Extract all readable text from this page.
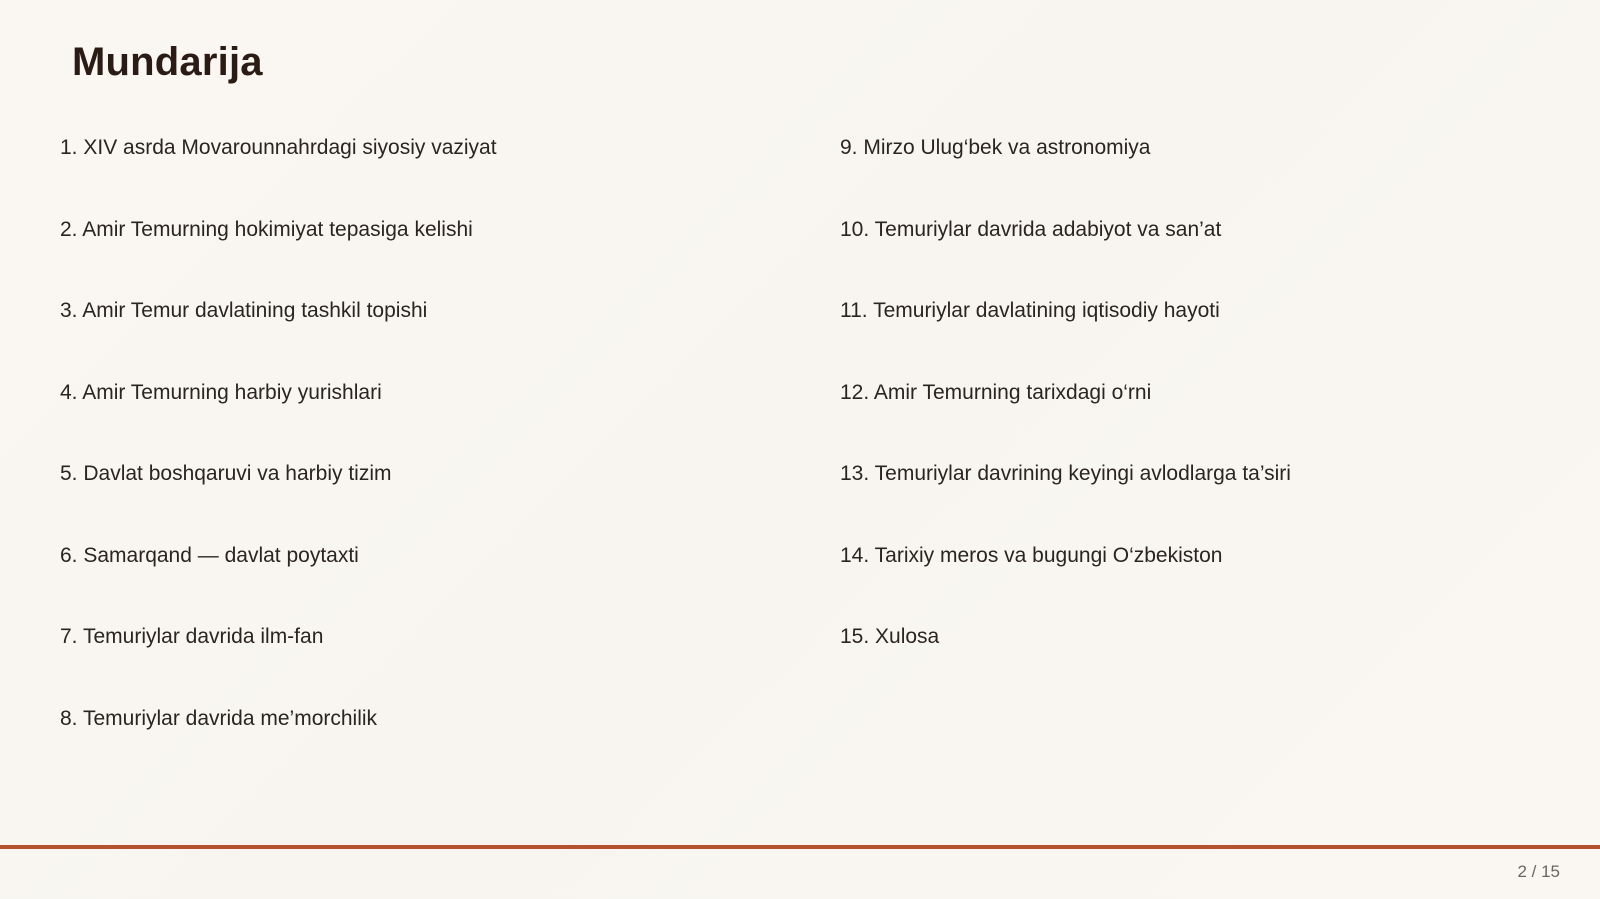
Mundarija
1. XIV asrda Movarounnahrdagi siyosiy vaziyat
2. Amir Temurning hokimiyat tepasiga kelishi
3. Amir Temur davlatining tashkil topishi
4. Amir Temurning harbiy yurishlari
5. Davlat boshqaruvi va harbiy tizim
6. Samarqand — davlat poytaxti
7. Temuriylar davrida ilm-fan
8. Temuriylar davrida me’morchilik
9. Mirzo Ulug‘bek va astronomiya
10. Temuriylar davrida adabiyot va san’at
11. Temuriylar davlatining iqtisodiy hayoti
12. Amir Temurning tarixdagi o‘rni
13. Temuriylar davrining keyingi avlodlarga ta’siri
14. Tarixiy meros va bugungi O‘zbekiston
15. Xulosa
2 / 15
